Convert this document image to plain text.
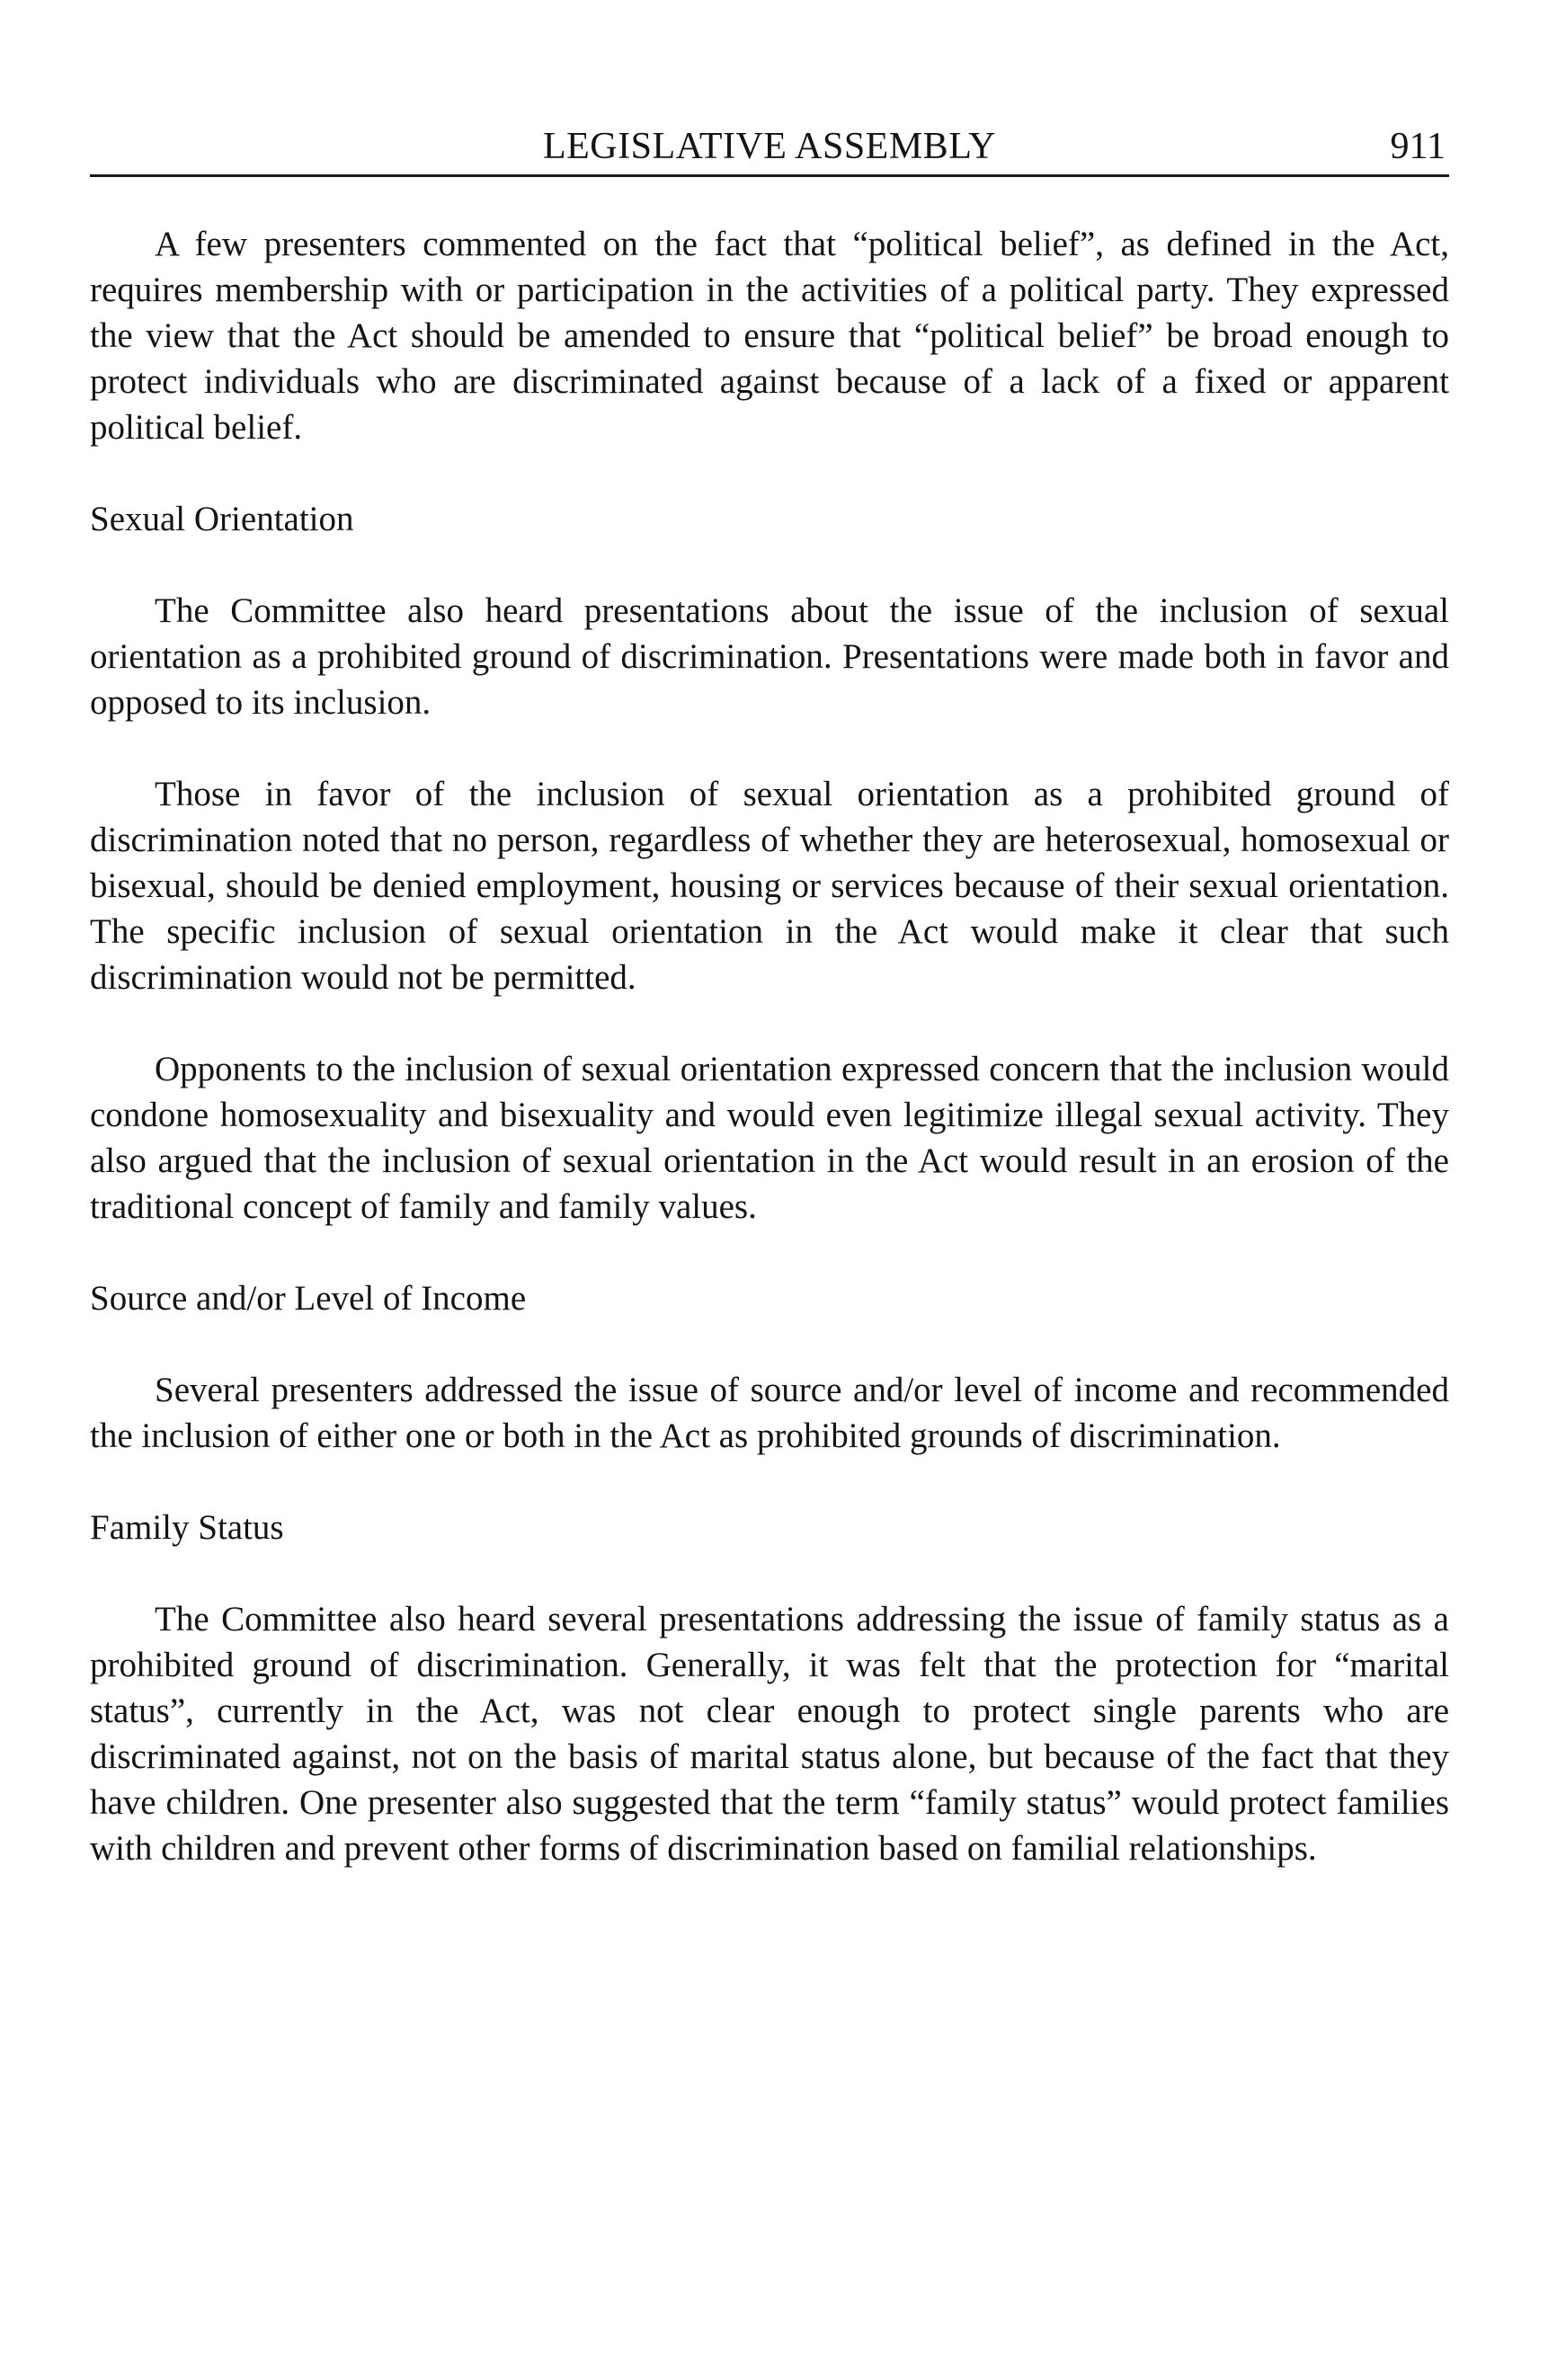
LEGISLATIVE ASSEMBLY	911

A few presenters commented on the fact that “political belief”, as defined in the Act, requires membership with or participation in the activities of a political party. They expressed the view that the Act should be amended to ensure that “political belief” be broad enough to protect individuals who are discriminated against because of a lack of a fixed or apparent political belief.

Sexual Orientation

The Committee also heard presentations about the issue of the inclusion of sexual orientation as a prohibited ground of discrimination. Presentations were made both in favor and opposed to its inclusion.

Those in favor of the inclusion of sexual orientation as a prohibited ground of discrimination noted that no person, regardless of whether they are heterosexual, homosexual or bisexual, should be denied employment, housing or services because of their sexual orientation. The specific inclusion of sexual orientation in the Act would make it clear that such discrimination would not be permitted.

Opponents to the inclusion of sexual orientation expressed concern that the inclusion would condone homosexuality and bisexuality and would even legitimize illegal sexual activity. They also argued that the inclusion of sexual orientation in the Act would result in an erosion of the traditional concept of family and family values.

Source and/or Level of Income

Several presenters addressed the issue of source and/or level of income and recommended the inclusion of either one or both in the Act as prohibited grounds of discrimination.

Family Status

The Committee also heard several presentations addressing the issue of family status as a prohibited ground of discrimination. Generally, it was felt that the protection for “marital status”, currently in the Act, was not clear enough to protect single parents who are discriminated against, not on the basis of marital status alone, but because of the fact that they have children. One presenter also suggested that the term “family status” would protect families with children and prevent other forms of discrimination based on familial relationships.
